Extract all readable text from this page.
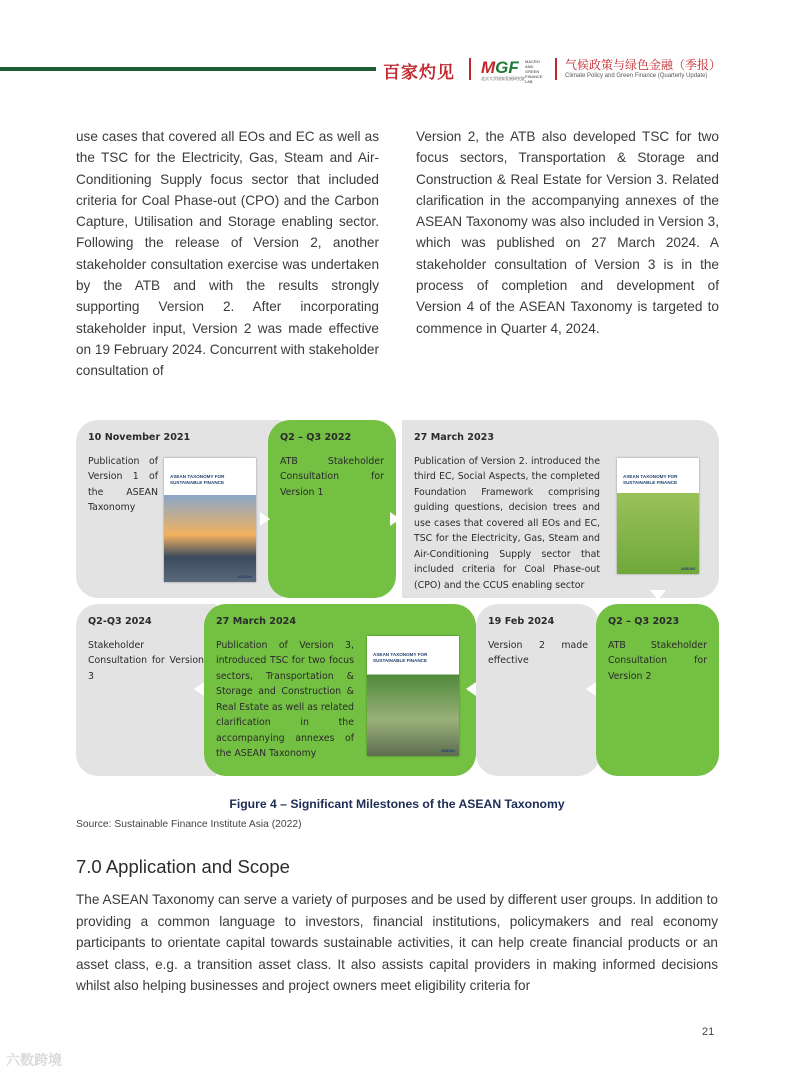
百家灼见 MGF MACRO AND GREEN FINANCE LAB
北京大学国家发展研究院
气候政策与绿色金融（季报）
Climate Policy and Green Finance (Quarterly Update)
use cases that covered all EOs and EC as well as the TSC for the Electricity, Gas, Steam and Air-Conditioning Supply focus sector that included criteria for Coal Phase-out (CPO) and the Carbon Capture, Utilisation and Storage enabling sector. Following the release of Version 2, another stakeholder consultation exercise was undertaken by the ATB and with the results strongly supporting Version 2. After incorporating stakeholder input, Version 2 was made effective on 19 February 2024. Concurrent with stakeholder consultation of
Version 2, the ATB also developed TSC for two focus sectors, Transportation & Storage and Construction & Real Estate for Version 3. Related clarification in the accompanying annexes of the ASEAN Taxonomy was also included in Version 3, which was published on 27 March 2024. A stakeholder consultation of Version 3 is in the process of completion and development of Version 4 of the ASEAN Taxonomy is targeted to commence in Quarter 4, 2024.
10 November 2021
Publication of Version 1 of the ASEAN Taxonomy
ASEAN TAXONOMY FOR SUSTAINABLE FINANCE
ASEAN
Q2 – Q3 2022
ATB Stakeholder Consultation for Version 1
27 March 2023
Publication of Version 2. introduced the third EC, Social Aspects, the completed Foundation Framework comprising guiding questions, decision trees and use cases that covered all EOs and EC, TSC for the Electricity, Gas, Steam and Air-Conditioning Supply sector that included criteria for Coal Phase-out (CPO) and the CCUS enabling sector
ASEAN TAXONOMY FOR SUSTAINABLE FINANCE
ASEAN
Q2-Q3 2024
Stakeholder Consultation for Version 3
27 March 2024
Publication of Version 3, introduced TSC for two focus sectors, Transportation & Storage and Construction & Real Estate as well as related clarification in the accompanying annexes of the ASEAN Taxonomy
ASEAN TAXONOMY FOR SUSTAINABLE FINANCE
ASEAN
19 Feb 2024
Version 2 made effective
Q2 – Q3 2023
ATB Stakeholder Consultation for Version 2
Figure 4 – Significant Milestones of the ASEAN Taxonomy
Source: Sustainable Finance Institute Asia (2022)
7.0 Application and Scope
The ASEAN Taxonomy can serve a variety of purposes and be used by different user groups. In addition to providing a common language to investors, financial institutions, policymakers and real economy participants to orientate capital towards sustainable activities, it can help create financial products or an asset class, e.g. a transition asset class. It also assists capital providers in making informed decisions whilst also helping businesses and project owners meet eligibility criteria for
21
六数跨境
